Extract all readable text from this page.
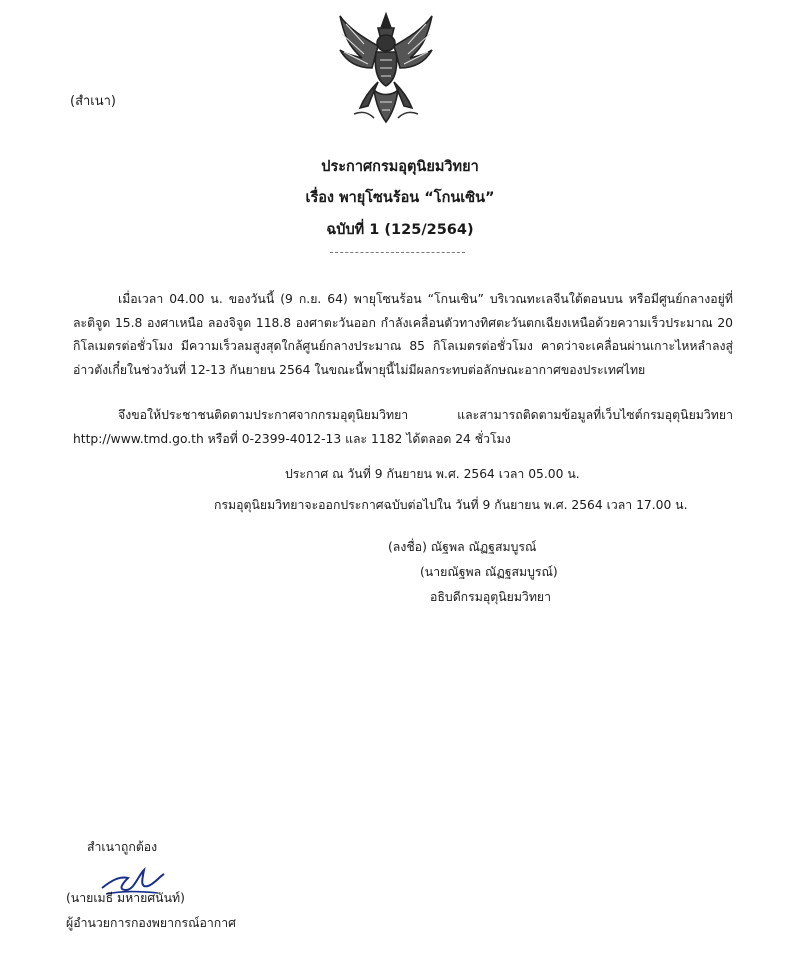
(สำเนา)
ประกาศกรมอุตุนิยมวิทยา
เรื่อง พายุโซนร้อน “โกนเซิน”
ฉบับที่ 1 (125/2564)
เมื่อเวลา 04.00 น. ของวันนี้ (9 ก.ย. 64) พายุโซนร้อน “โกนเซิน” บริเวณทะเลจีนใต้ตอนบน หรือมีศูนย์กลางอยู่ที่ละติจูด 15.8 องศาเหนือ ลองจิจูด 118.8 องศาตะวันออก กำลังเคลื่อนตัวทางทิศตะวันตกเฉียงเหนือด้วยความเร็วประมาณ 20 กิโลเมตรต่อชั่วโมง มีความเร็วลมสูงสุดใกล้ศูนย์กลางประมาณ 85 กิโลเมตรต่อชั่วโมง คาดว่าจะเคลื่อนผ่านเกาะไหหลำลงสู่อ่าวตังเกี๋ยในช่วงวันที่ 12-13 กันยายน 2564 ในขณะนี้พายุนี้ไม่มีผลกระทบต่อลักษณะอากาศของประเทศไทย
จึงขอให้ประชาชนติดตามประกาศจากกรมอุตุนิยมวิทยา และสามารถติดตามข้อมูลที่เว็บไซต์กรมอุตุนิยมวิทยา http://www.tmd.go.th หรือที่ 0-2399-4012-13 และ 1182 ได้ตลอด 24 ชั่วโมง
ประกาศ ณ วันที่ 9 กันยายน พ.ศ. 2564 เวลา 05.00 น.
กรมอุตุนิยมวิทยาจะออกประกาศฉบับต่อไปใน วันที่ 9 กันยายน พ.ศ. 2564 เวลา 17.00 น.
(ลงชื่อ) ณัฐพล ณัฏฐสมบูรณ์
(นายณัฐพล ณัฏฐสมบูรณ์)
อธิบดีกรมอุตุนิยมวิทยา
สำเนาถูกต้อง
(นายเมธี มหายศนันท์)
ผู้อำนวยการกองพยากรณ์อากาศ
